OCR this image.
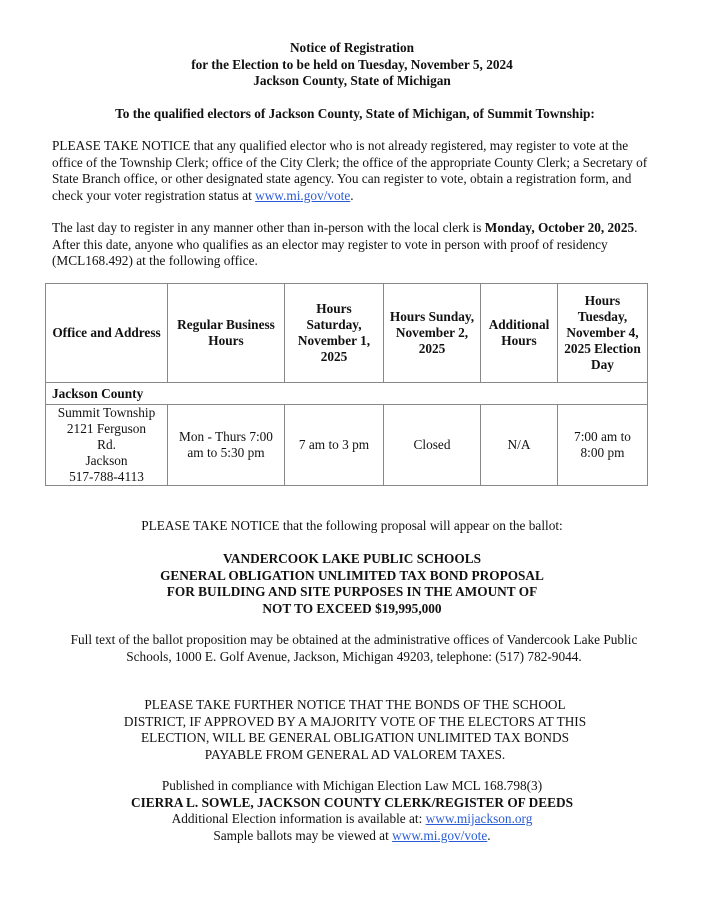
Notice of Registration
for the Election to be held on Tuesday, November 5, 2024
Jackson County, State of Michigan
To the qualified electors of Jackson County, State of Michigan, of Summit Township:
PLEASE TAKE NOTICE that any qualified elector who is not already registered, may register to vote at the office of the Township Clerk; office of the City Clerk; the office of the appropriate County Clerk; a Secretary of State Branch office, or other designated state agency. You can register to vote, obtain a registration form, and check your voter registration status at www.mi.gov/vote.
The last day to register in any manner other than in-person with the local clerk is Monday, October 20, 2025. After this date, anyone who qualifies as an elector may register to vote in person with proof of residency (MCL168.492) at the following office.
Office and Address	Regular Business Hours	Hours Saturday, November 1, 2025	Hours Sunday, November 2, 2025	Additional Hours	Hours Tuesday, November 4, 2025 Election Day
Jackson County					

Summit Township
2121 Ferguson
Rd.
Jackson
517-788-4113	Mon - Thurs 7:00 am to 5:30 pm	7 am to 3 pm	Closed	N/A	7:00 am to 8:00 pm
PLEASE TAKE NOTICE that the following proposal will appear on the ballot:
VANDERCOOK LAKE PUBLIC SCHOOLS
GENERAL OBLIGATION UNLIMITED TAX BOND PROPOSAL
FOR BUILDING AND SITE PURPOSES IN THE AMOUNT OF
NOT TO EXCEED $19,995,000
Full text of the ballot proposition may be obtained at the administrative offices of Vandercook Lake Public Schools, 1000 E. Golf Avenue, Jackson, Michigan 49203, telephone: (517) 782-9044.
PLEASE TAKE FURTHER NOTICE THAT THE BONDS OF THE SCHOOL DISTRICT, IF APPROVED BY A MAJORITY VOTE OF THE ELECTORS AT THIS ELECTION, WILL BE GENERAL OBLIGATION UNLIMITED TAX BONDS PAYABLE FROM GENERAL AD VALOREM TAXES.
Published in compliance with Michigan Election Law MCL 168.798(3)
CIERRA L. SOWLE, JACKSON COUNTY CLERK/REGISTER OF DEEDS
Additional Election information is available at: www.mijackson.org
Sample ballots may be viewed at www.mi.gov/vote.
